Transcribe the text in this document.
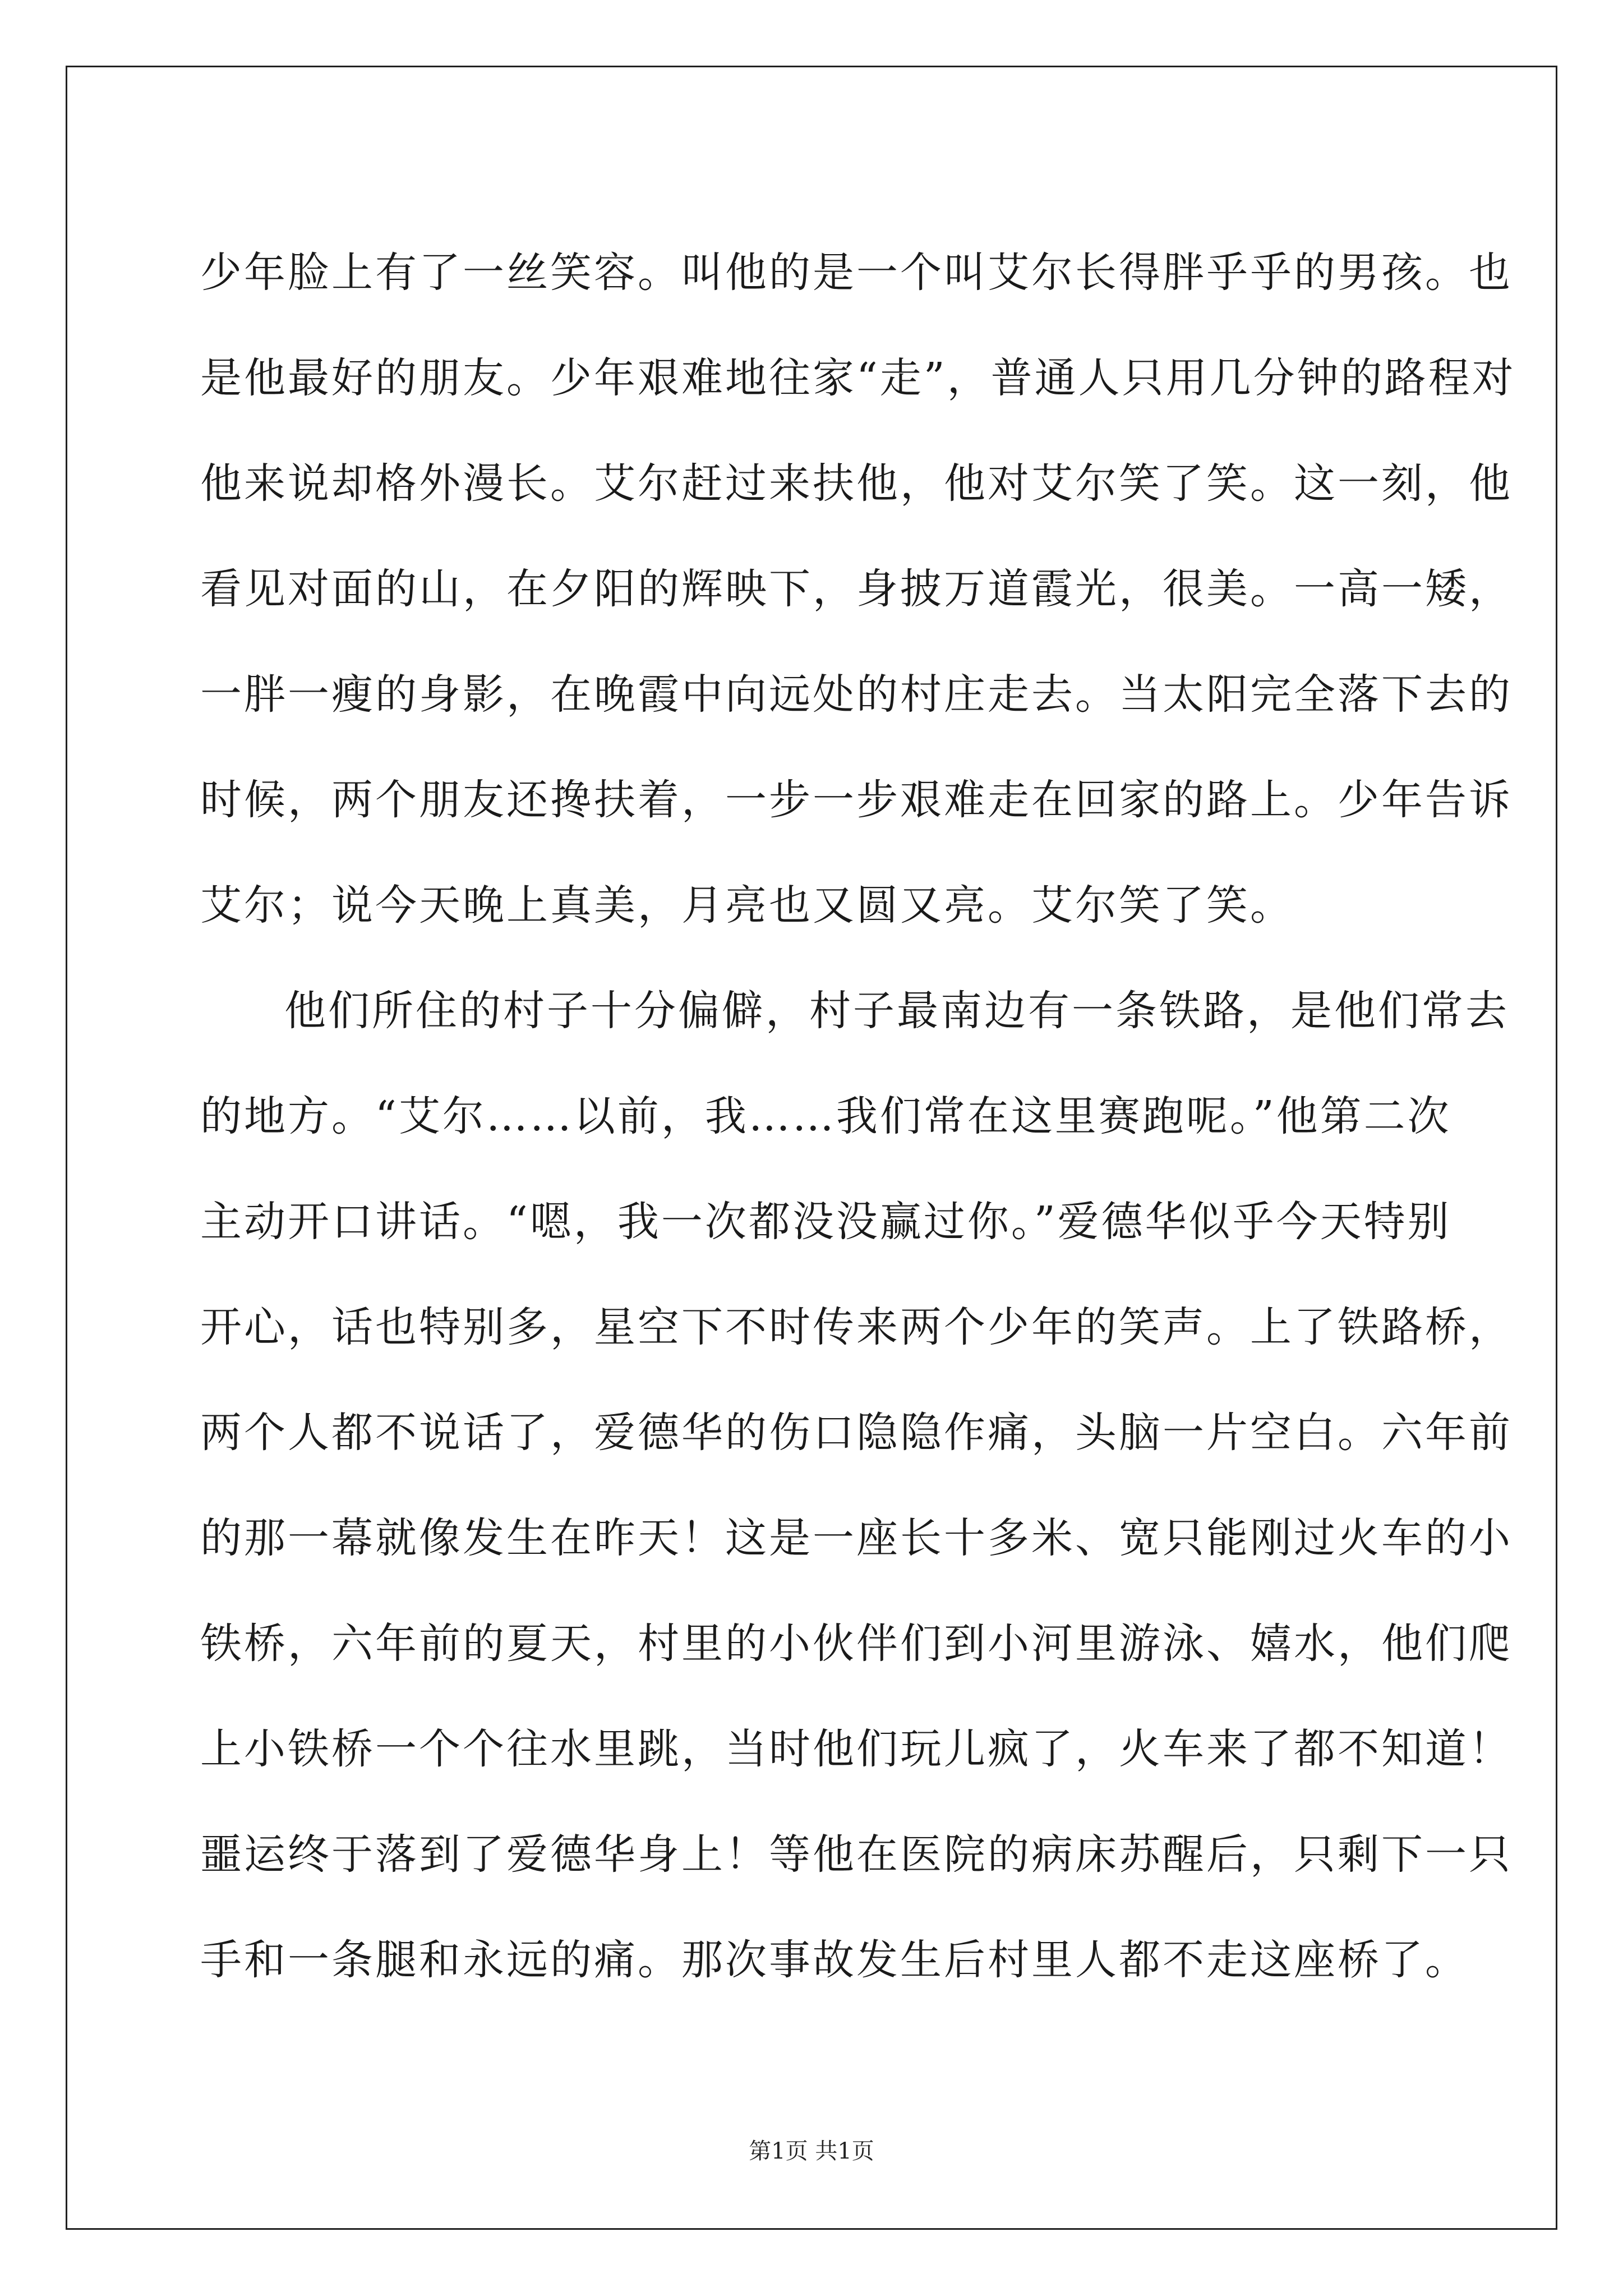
少年脸上有了一丝笑容。叫他的是一个叫艾尔长得胖乎乎的男孩。也
是他最好的朋友。少年艰难地往家“走”，普通人只用几分钟的路程对
他来说却格外漫长。艾尔赶过来扶他，他对艾尔笑了笑。这一刻，他
看见对面的山，在夕阳的辉映下，身披万道霞光，很美。一高一矮，
一胖一瘦的身影，在晚霞中向远处的村庄走去。当太阳完全落下去的
时候，两个朋友还搀扶着，一步一步艰难走在回家的路上。少年告诉
艾尔；说今天晚上真美，月亮也又圆又亮。艾尔笑了笑。
他们所住的村子十分偏僻，村子最南边有一条铁路，是他们常去
的地方。“艾尔……以前，我……我们常在这里赛跑呢。”他第二次
主动开口讲话。“嗯，我一次都没没赢过你。”爱德华似乎今天特别
开心，话也特别多，星空下不时传来两个少年的笑声。上了铁路桥，
两个人都不说话了，爱德华的伤口隐隐作痛，头脑一片空白。六年前
的那一幕就像发生在昨天！这是一座长十多米、宽只能刚过火车的小
铁桥，六年前的夏天，村里的小伙伴们到小河里游泳、嬉水，他们爬
上小铁桥一个个往水里跳，当时他们玩儿疯了，火车来了都不知道！
噩运终于落到了爱德华身上！等他在医院的病床苏醒后，只剩下一只
手和一条腿和永远的痛。那次事故发生后村里人都不走这座桥了。
第1页 共1页
